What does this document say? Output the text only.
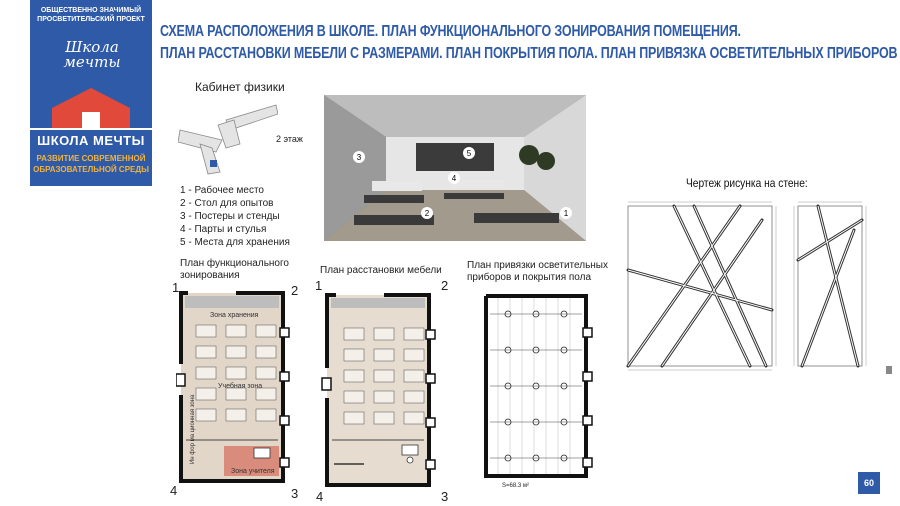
ОБЩЕСТВЕННО ЗНАЧИМЫЙ ПРОСВЕТИТЕЛЬСКИЙ ПРОЕКТ
Школа мечты
ШКОЛА МЕЧТЫ
РАЗВИТИЕ СОВРЕМЕННОЙ
ОБРАЗОВАТЕЛЬНОЙ СРЕДЫ
СХЕМА РАСПОЛОЖЕНИЯ В ШКОЛЕ. ПЛАН ФУНКЦИОНАЛЬНОГО ЗОНИРОВАНИЯ ПОМЕЩЕНИЯ.
ПЛАН РАССТАНОВКИ МЕБЕЛИ С РАЗМЕРАМИ. ПЛАН ПОКРЫТИЯ ПОЛА. ПЛАН ПРИВЯЗКА ОСВЕТИТЕЛЬНЫХ ПРИБОРОВ
Кабинет физики
2 этаж
3	5
4
2	1
1 - Рабочее место
2 - Стол для опытов
3 - Постеры и стенды
4 - Парты и стулья
5 - Места для хранения
План функционального
зонирования
1	2
4	3
Зона хранения
Учебная зона
Зона учителя
Ин фор ма ционная зона
План расстановки мебели
1	2
4	3
План привязки осветительных
приборов и покрытия пола
S=68.3 м²
Чертеж рисунка на стене:
60
